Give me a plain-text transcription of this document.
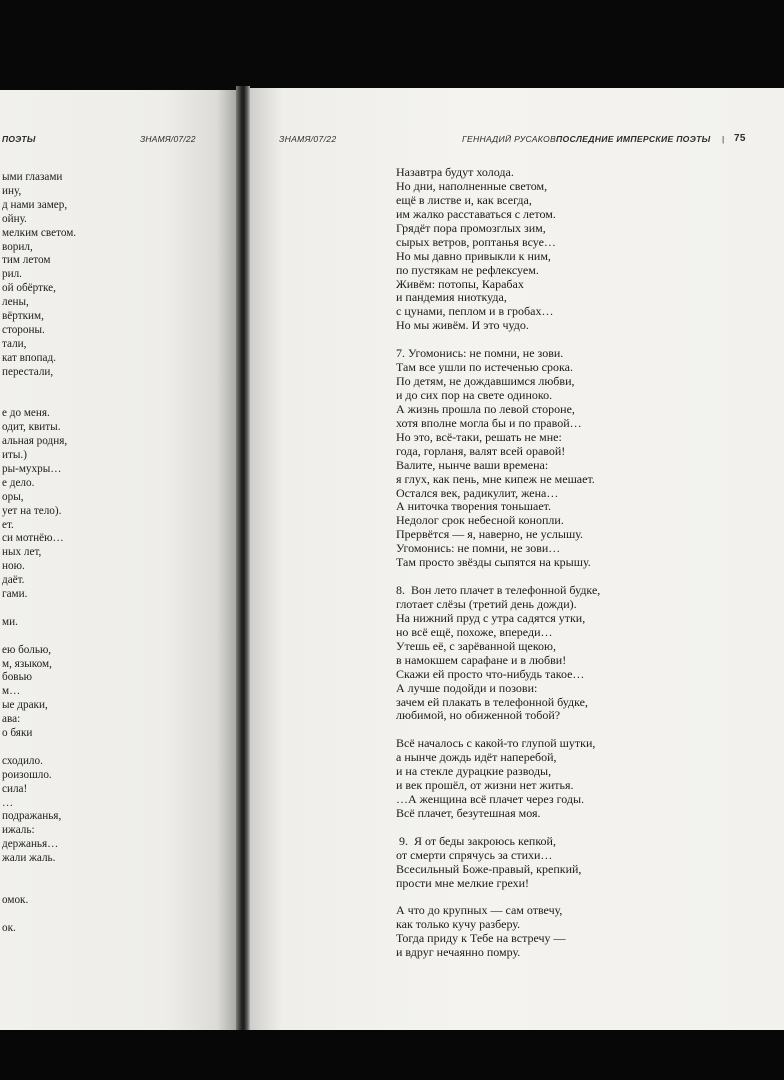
ПОЭТЫ	ЗНАМЯ/07/22
ыми глазами
ину,
д нами замер,
ойну.
мелким светом.
ворил,
тим летом
рил.
ой обёртке,
лены,
вёртким,
стороны.
тали,
кат впопад.
перестали,
е до меня.
одит, квиты.
альная родня,
иты.)
ры-мухры…
е дело.
оры,
ует на тело).
ет.
си мотнёю…
ных лет,
ною.
даёт.
гами.
ми.
ею болью,
м, языком,
бовью
м…
ые драки,
ава:
о бяки
сходило.
роизошло.
сила!
…
подражанья,
ижаль:
держанья…
жали жаль.
омок.
ок.
ЗНАМЯ/07/22	ГЕННАДИЙ РУСАКОВ ПОСЛЕДНИЕ ИМПЕРСКИЕ ПОЭТЫ | 75
Назавтра будут холода.
Но дни, наполненные светом,
ещё в листве и, как всегда,
им жалко расставаться с летом.
Грядёт пора промозглых зим,
сырых ветров, роптанья всуе…
Но мы давно привыкли к ним,
по пустякам не рефлексуем.
Живём: потопы, Карабах
и пандемия ниоткуда,
с цунами, пеплом и в гробах…
Но мы живём. И это чудо.
7. Угомонись: не помни, не зови.
Там все ушли по истеченью срока.
По детям, не дождавшимся любви,
и до сих пор на свете одиноко.
А жизнь прошла по левой стороне,
хотя вполне могла бы и по правой…
Но это, всё-таки, решать не мне:
года, горланя, валят всей оравой!
Валите, нынче ваши времена:
я глух, как пень, мне кипеж не мешает.
Остался век, радикулит, жена…
А ниточка творения тоньшает.
Недолог срок небесной конопли.
Прервётся — я, наверно, не услышу.
Угомонись: не помни, не зови…
Там просто звёзды сыпятся на крышу.
8.  Вон лето плачет в телефонной будке,
глотает слёзы (третий день дожди).
На нижний пруд с утра садятся утки,
но всё ещё, похоже, впереди…
Утешь её, с зарёванной щекою,
в намокшем сарафане и в любви!
Скажи ей просто что-нибудь такое…
А лучше подойди и позови:
зачем ей плакать в телефонной будке,
любимой, но обиженной тобой?
Всё началось с какой-то глупой шутки,
а нынче дождь идёт наперебой,
и на стекле дурацкие разводы,
и век прошёл, от жизни нет житья.
…А женщина всё плачет через годы.
Всё плачет, безутешная моя.
9.  Я от беды закроюсь кепкой,
от смерти спрячусь за стихи…
Всесильный Боже-правый, крепкий,
прости мне мелкие грехи!
А что до крупных — сам отвечу,
как только кучу разберу.
Тогда приду к Тебе на встречу —
и вдруг нечаянно помру.
